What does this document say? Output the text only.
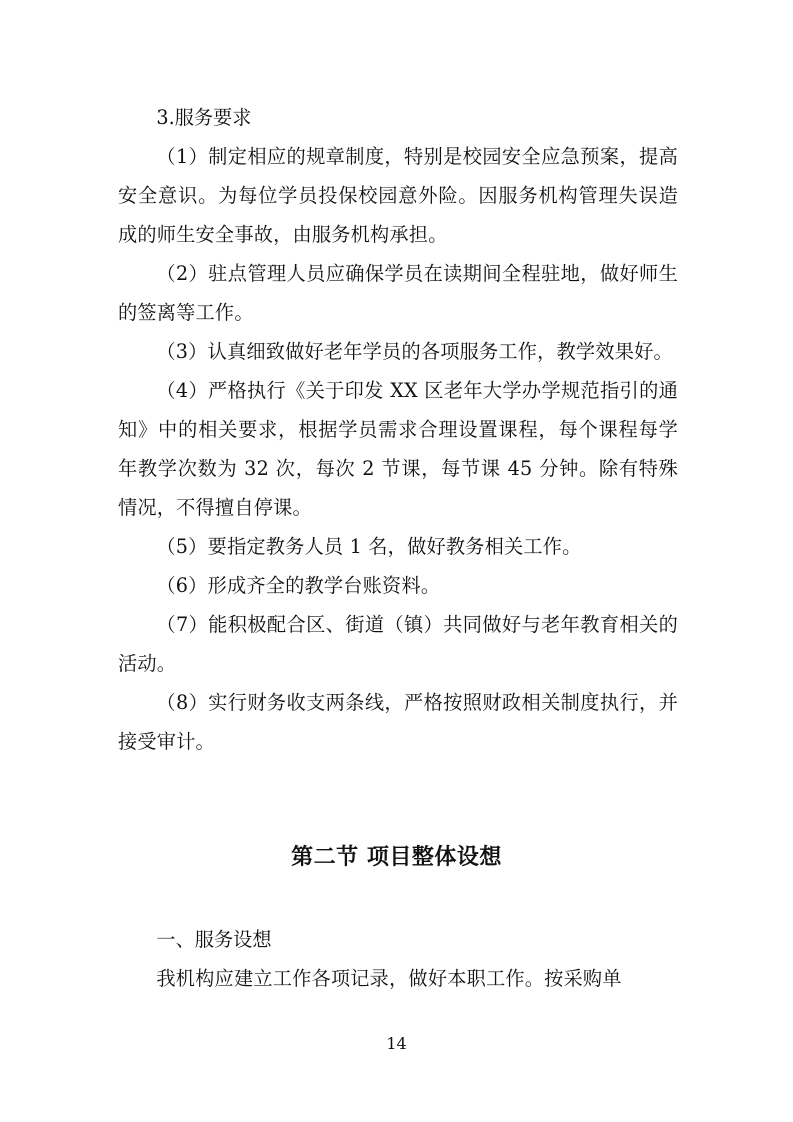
3.服务要求

（1）制定相应的规章制度，特别是校园安全应急预案，提高安全意识。为每位学员投保校园意外险。因服务机构管理失误造成的师生安全事故，由服务机构承担。

（2）驻点管理人员应确保学员在读期间全程驻地，做好师生的签离等工作。

（3）认真细致做好老年学员的各项服务工作，教学效果好。

（4）严格执行《关于印发 XX 区老年大学办学规范指引的通知》中的相关要求，根据学员需求合理设置课程，每个课程每学年教学次数为 32 次，每次 2 节课，每节课 45 分钟。除有特殊情况，不得擅自停课。

（5）要指定教务人员 1 名，做好教务相关工作。

（6）形成齐全的教学台账资料。

（7）能积极配合区、街道（镇）共同做好与老年教育相关的活动。

（8）实行财务收支两条线，严格按照财政相关制度执行，并接受审计。

第二节 项目整体设想

一、服务设想

我机构应建立工作各项记录，做好本职工作。按采购单

14
